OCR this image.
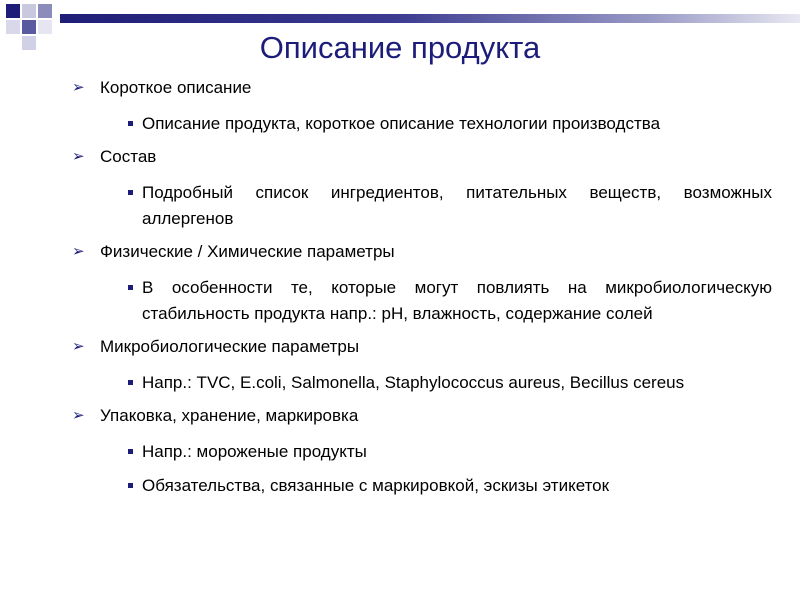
Описание продукта
➢ Короткое описание
Описание продукта, короткое описание технологии производства
➢ Состав
Подробный список ингредиентов, питательных веществ, возможных аллергенов
➢ Физические / Химические параметры
В особенности те, которые могут повлиять на микробиологическую стабильность продукта напр.: pH, влажность, содержание солей
➢ Микробиологические параметры
Напр.: TVC, E.coli, Salmonella, Staphylococcus aureus, Becillus cereus
➢ Упаковка, хранение, маркировка
Напр.: мороженые продукты
Обязательства, связанные с маркировкой, эскизы этикеток
